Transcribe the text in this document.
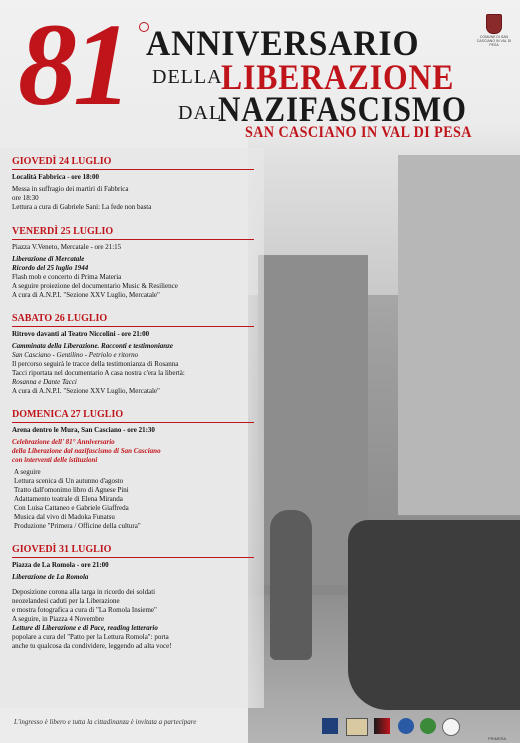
81 ANNIVERSARIO
DELLA
LIBERAZIONE
DAL
NAZIFASCISMO
SAN CASCIANO IN VAL DI PESA
COMUNE DI SAN CASCIANO IN VAL DI PESA
GIOVEDÌ 24 LUGLIO
Località Fabbrica - ore 18:00
Messa in suffragio dei martiri di Fabbrica
ore 18:30
Lettura a cura di Gabriele Sani: La fede non basta
VENERDÌ 25 LUGLIO
Piazza V.Veneto, Mercatale - ore 21:15
Liberazione di Mercatale
Ricordo del 25 luglio 1944
Flash mob e concerto di Prima Materia
A seguire proiezione del documentario Music & Resilience
A cura di A.N.P.I. "Sezione XXV Luglio, Mercatale"
SABATO 26 LUGLIO
Ritrovo davanti al Teatro Niccolini - ore 21:00
Camminata della Liberazione. Racconti e testimonianze
San Casciano - Gentilino - Petriolo e ritorno
Il percorso seguirà le tracce della testimonianza di Rosanna
Tacci riportata nel documentario A casa nostra c'era la libertà:
Rosanna e Dante Tacci
A cura di A.N.P.I. "Sezione XXV Luglio, Mercatale"
DOMENICA 27 LUGLIO
Arena dentro le Mura, San Casciano - ore 21:30
Celebrazione dell' 81° Anniversario
della Liberazione dal nazifascismo di San Casciano
con interventi delle istituzioni
A seguire
Lettura scenica di Un autunno d'agosto
Tratto dall'omonimo libro di Agnese Pini
Adattamento teatrale di Elena Miranda
Con Luisa Cattaneo e Gabriele Giaffreda
Musica dal vivo di Madoka Funatsu
Produzione "Primera / Officine della cultura"
GIOVEDÌ 31 LUGLIO
Piazza de La Romola - ore 21:00
Liberazione de La Romola
Deposizione corona alla targa in ricordo dei soldati
neozelandesi caduti per la Liberazione
e mostra fotografica a cura di "La Romola Insieme"
A seguire, in Piazza 4 Novembre
Letture di Liberazione e di Pace, reading letterario
popolare a cura del "Patto per la Lettura Romola": porta
anche tu qualcosa da condividere, leggendo ad alta voce!
L'ingresso è libero e tutta la cittadinanza è invitata a partecipare
PRIMERA
